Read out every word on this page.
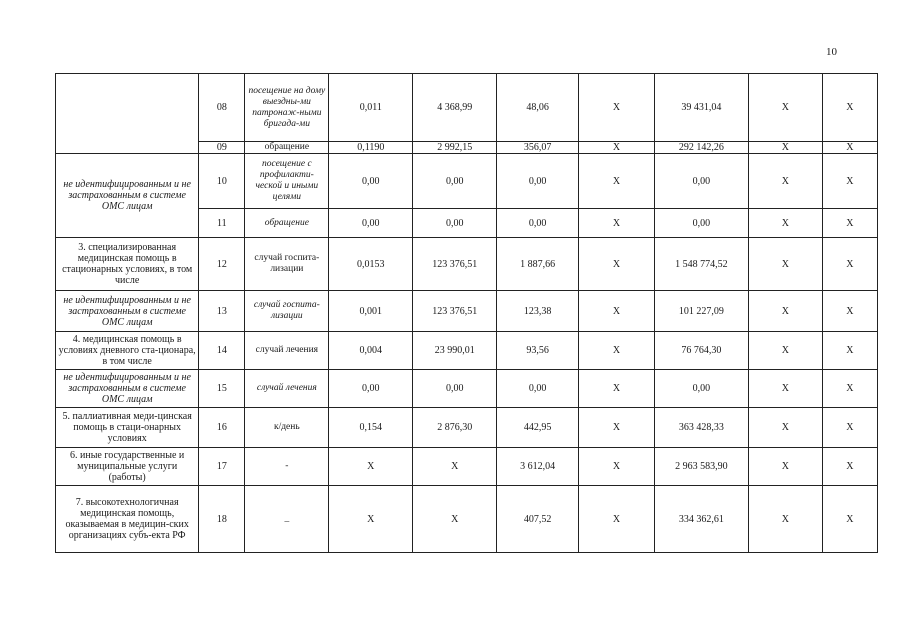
10
	08	посещение на дому выездны-ми патронаж-ными бригада-ми	0,011	4 368,99	48,06	X	39 431,04	X	X
	09	обращение	0,1190	2 992,15	356,07	X	292 142,26	X	X
не идентифицированным и не застрахованным в системе ОМС лицам	10	посещение с профилакти-ческой и иными целями	0,00	0,00	0,00	X	0,00	X	X
	11	обращение	0,00	0,00	0,00	X	0,00	X	X
3. специализированная медицинская помощь в стационарных условиях, в том числе	12	случай госпита-лизации	0,0153	123 376,51	1 887,66	X	1 548 774,52	X	X
не идентифицированным и не застрахованным в системе ОМС лицам	13	случай госпита-лизации	0,001	123 376,51	123,38	X	101 227,09	X	X
4. медицинская помощь в условиях дневного ста-ционара, в том числе	14	случай лечения	0,004	23 990,01	93,56	X	76 764,30	X	X
не идентифицированным и не застрахованным в системе ОМС лицам	15	случай лечения	0,00	0,00	0,00	X	0,00	X	X
5. паллиативная меди-цинская помощь в стаци-онарных условиях	16	к/день	0,154	2 876,30	442,95	X	363 428,33	X	X
6. иные государственные и муниципальные услуги (работы)	17	-	X	X	3 612,04	X	2 963 583,90	X	X
7. высокотехнологичная медицинская помощь, оказываемая в медицин-ских организациях субъ-екта РФ	18	_	X	X	407,52	X	334 362,61	X	X
